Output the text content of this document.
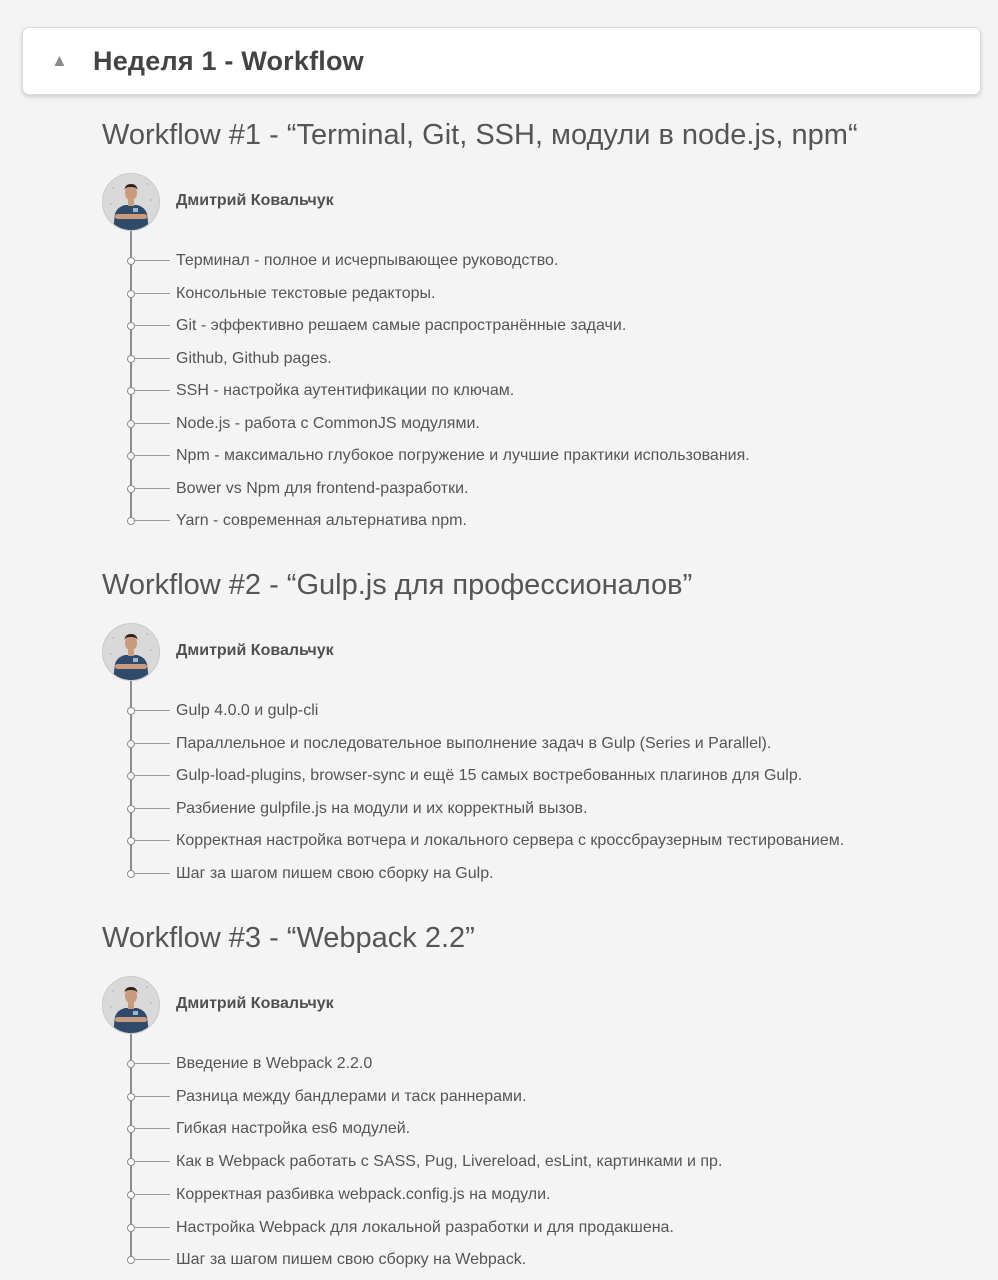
▲ Неделя 1 - Workflow
Workflow #1 - “Terminal, Git, SSH, модули в node.js, npm“
Дмитрий Ковальчук
Терминал - полное и исчерпывающее руководство.
Консольные текстовые редакторы.
Git - эффективно решаем самые распространённые задачи.
Github, Github pages.
SSH - настройка аутентификации по ключам.
Node.js - работа с CommonJS модулями.
Npm - максимально глубокое погружение и лучшие практики использования.
Bower vs Npm для frontend-разработки.
Yarn - современная альтернатива npm.
Workflow #2 - “Gulp.js для профессионалов”
Дмитрий Ковальчук
Gulp 4.0.0 и gulp-cli
Параллельное и последовательное выполнение задач в Gulp (Series и Parallel).
Gulp-load-plugins, browser-sync и ещё 15 самых востребованных плагинов для Gulp.
Разбиение gulpfile.js на модули и их корректный вызов.
Корректная настройка вотчера и локального сервера с кроссбраузерным тестированием.
Шаг за шагом пишем свою сборку на Gulp.
Workflow #3 - “Webpack 2.2”
Дмитрий Ковальчук
Введение в Webpack 2.2.0
Разница между бандлерами и таск раннерами.
Гибкая настройка es6 модулей.
Как в Webpack работать с SASS, Pug, Livereload, esLint, картинками и пр.
Корректная разбивка webpack.config.js на модули.
Настройка Webpack для локальной разработки и для продакшена.
Шаг за шагом пишем свою сборку на Webpack.
